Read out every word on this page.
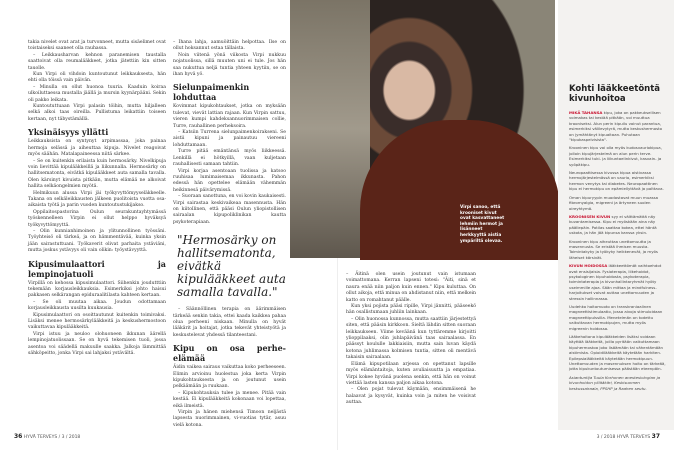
takia nivelet ovat arat ja turvonneet, mutta sisäelimet ovat toistaiseksi saaneet olla rauhassa.

– Leikkausharvan kehnon paranemisen taustalla saattoivat olla reumalääkkeet, jotka jätettiin kin sitten tauolle.

Kun Virpi oli vihdoin kuntoutunut leikkauksesta, hän ehti olla töissä vain päivän.

– Minulla on ollut huonoa tuuria. Kaaduin koiraa ulkoiluttaessa mustalla jäällä ja mursin kyynärpääni. Sekin oli pakko leikata.

Kuntoututtuaan Virpi palasin töihin, mutta hiljalleen selkä alkoi taas oireilla. Pullistuma leikattiin toiseen kertaan, nyt täbystämällä.

Yksinäisyys yllätti

Leikkauksista on syntynyt arpimassaa, joka painaa hermoja selässä ja aiheuttaa kipuja. Nivelet reagoivat myös säähän. Matalapaineessa niitä särkee.

– Se on kuitenkin erilaista kuin hermosärky. Nivelkipuja voin lievittää kipulääkkeillä ja liikunnalla. Hermosärky on hallitsematonta, eivätkä kipulääkkeet auta samalla tavalla. Olen kärsinyt kivuista pitkään, mutta elämää ne alkoivat hallita selkäongelmien myötä.

Helmikuun alussa Virpi jäi työkyvyttömyyseläkkeelle. Takana on selkäleikkausten jälkeen puolitoista vuotta osa-aikaista työtä ja parin vuoden kuntoutustukijakso.

Oppilaitospastorina Oulun seurakuntayhtymässä työskennelleen Virpin ei ollut helppo hyväksyä työkyvyttömyyttä.

– Olin kunnianhimoinen ja ylitunnollinen työssäni. Työyhteisö oli tärkeä, ja on hämmentävää, kuinka yksin jään sairastuttuani. Työkaverit olivat parhaita ystäviäni, mutta joskus ystävyys oli vain olikin: työystävyyttä.

Kipusimulaattori ja lempinojatuoli

Virpillä on kehossa kipusimulaattori. Siihenkin joudutttiin tekemään korjausleikkauksia. Esimerkiksi johto haisui pakkasen selkärangan epiduraalitilasta kahteen kertaan.

– Se oli muutaa aikaa. Joudun odottamaan korjausleikkausta uusilta kuukausia.

Kipusimulaattori on osoittautunut kuitenkin toimivaksi. Lisäksi meneе hermosärkylääkkeitä ja keskushermostoon vaikuttavaa kipulääkkeitä.

Virpi istuu ja neuloo olohuoneen ikkunan äärellä lempinojatuolissaan. Se on hyvä tekemisen tuoli, jossa asentoa voi säädellä makuulle saakka. Jalkoja lämmittää sähköpeitto, jonka Virpi sai lahjaksi ystävältä.

– Ihana lahja, aamuöittäin helpottaa. Ilse on ollut hoksannut ostaa tällaista.

Noin viitenä yönä viikosta Virpi nukkuu nojatuolissa, sillä muuten uni ei tule. Jos hän saa nukuttua neljä tuntia yhteen kyytiin, se on ihan hyvä yö.

Sielunpaimenkin lohduttaa

Kovimmat kipukohtaukset, jotka on myksään tulevat, vievät lattian rajaan. Kun Virpin sattuu, vieren kumpi kahdeksannuorimmaisen collie, Turre, rauhallinen perheksoira.

– Katsiin Turrena sielunpaimenkoirakseni. Se aistii kipuni ja painautuu viereeni lohduttamaan.

Turre pitää emäntänsä myös liikkeessä. Lenkillä ei hötkyillä, vaan kuljetaan rauhallisesti samaan tahtiin.

Virpi korjaa asentoaan tuolissa ja katsoo ruuhisaa lumimaisemaa ikkunasta. Pahon edessä hän opettelee elämään vähemmän heikinnesä päivärymissä.

– Suoraan sanottuna, en voi kovin kaukaisesti. Virpi sairastaa keskivaikeaa masennusta. Hän on kiitollinen, että pääsi Oulun yliopistollisen sairaalan kipupoliklinikan kautta psykoterapiaan.

"Hermosärky on hallitsematonta, eivätkä kipulääkkeet auta samalla tavalla."

– Säännöllinen terapia on äärimmäisen tärkeää senkin takia, ettei kaada kaikkea pahaa olua perheeni niskaan. Minulla on hyvät lääkärit ja hoitajat, jotka tekevät yhteistyötä ja keskustelevat yhdessä tilanteestani.

Kipu on osa perhe-elämää

Äidin vaikea sairaus vaikuttaa koko perheeseen. Elimin arvioinu huolestua joka kerta Virpin kipukohtauksesta ja on joutunut usein pelkäämään ja ruukaan.

– Kipukohtauksia tulee ja menee. Pitää vain kestää. Ei kipulääkkeitä kokonaan voi lopettaa, eikä ilmeistä.

Virpin ja hänen miehensä Timoon neljästä lapsesta nuorimmainen, vi-vuotias tytär, asuu vielä kotona.

Virpi sanoo, että krooniset kivut ovat kasvattaneet lehmiin hermot ja lisänneet herkkyyttä aistia ympäriltä olevaa.

– Äitinä olen usein joutunut vain istumaan voimattomana. Kerran lapseni totesi: "Äiti, sinä et naura enää niin paljon kuin ennen." Kipu kuluttaa. On ollut aikoja, että minua on ahdistanut niin, että melkein katto on romahtanut päälle.

Kun yksi pojista pääsi ripille, Virpi jännitti, pääseekö hän osallistumaan juhliin lainkaan.

– Olin huonossa kunnossa, mutta saattiin järjestettyä siten, että pääsin kirkkoon. Sieltä lähdin sitten suoraan leikkaukseen. Viime keväänä kun tyttäremme kirjoitti ylioppilaaksi, olin juhlapäivänä taas sairaalassa. En päässyt koululle lakkiaisiin, mutta sain luvan käydä kotona juhlimassa kolmisen tuntia, sitten oli mentävä takaisin sairaalaan.

Elämä kipupotilaan arjessa on opettanut lapsille myös elämäntaitoja, kuten avuliaisuutta ja empatiaa. Virpi kokee hyvänä puolena senkin, että hän on voinut viettää lasten kanssa paljon aikaa kotona.

– Olen pojat tulevat käymään, ensimmäisenä he halaavat ja kysyvät, kuinka voin ja miten he voisivat auttaa.

Kohti lääkkeetöntä kivunhoitoa

MIKÄ TAHANSA kipu, joka on pakkeuksellisen voimakas tai kestää pitkään, voi muuttua krooniseksi. Alun perin kipuilu voinut parantua, esimerkiksi välilevytyrä, mutta keskushermosto on jymähtänyt kipuaitaan. Puhutaan "kipukaspelvisista".

Krooninen kipu voi olla myös kudosvauriokipua, jolloin kipujärjestelmä on alun perin terve. Esimerkiksi tuki- ja liikuntaelinkivut, kasvain- ja syöpäkipu.

Neuropaattisessa kivussa kipua aistivassa hermojärjestelmässä on vaurio, esimerkiksi hermon venytys tai diabetes. Neuropaattinen kipu ei hermokipu on epämiellyttävä ja polttava.

Oman kipuryypin muodostavat muun muassa fibromyalgia, migreeni ja ärtyneen suolen oireyhtymä.

KROONISEN KIVUN syy ei välttämättä näy kuvantamisessa. Kipu ei myöskään aina näy päällepäin. Potilas saattaa kokea, ettei häntä uskota, ja hän jää kipunsa kanssa yksin.

Krooninen kipu aiheuttaa unettomuutta ja masennusta. Se eristää ihmisen muusta. Toimintakyky ja työkyky heikkenevät, ja myös läheiset kärsivät.

KIVUN HOIDOSSA lääkkeettömät vaihtoehdot ovat ensisijaisia. Fysioterapia, liikehoidot, psykologinen kipuhoidosta, psykoterapia, toimintaterapia ja kivunhallintaryhmät hyöty useimmille ajoa. Sään mittaa ja mindfulness-harjoitukset voivat auttaa unettomuuden ja stressin hallinnassa.

Uudehko hoitomuoto on transkraniaalinen magneettistimulaatio, jossa aivoja stimuloidaan magneettipulssilla. Menetelmän on todettu vaikuttavan hermokipujen, mutta myös migreenin hoidossa.

Lääkehoitona kipulääkkeiden lisäksi voidaan käyttää lääkkeitä, joilla pyritään vaikuttamaan kipuhermostoa joko lisäämään tai vähentämään aistimista. Opioidilääkkeitä käytetään harkiten. Epilepsialääkkeitä käytetään hermokipuun. Unettomuuden ja masennuksen hoito on tärkeää, jotta kipukuntoutumisessa päästään eteenpäin.

Asiantuntija Tuula Korhonen anestesiologian ja kivunhoidon ylilääkäri, Keskisuomen keskussairaala, PPSHP ja Raahen seutu.

36 HYVÄ TERVEYS / 3 / 2018	3 / 2018 HYVÄ TERVEYS 37
